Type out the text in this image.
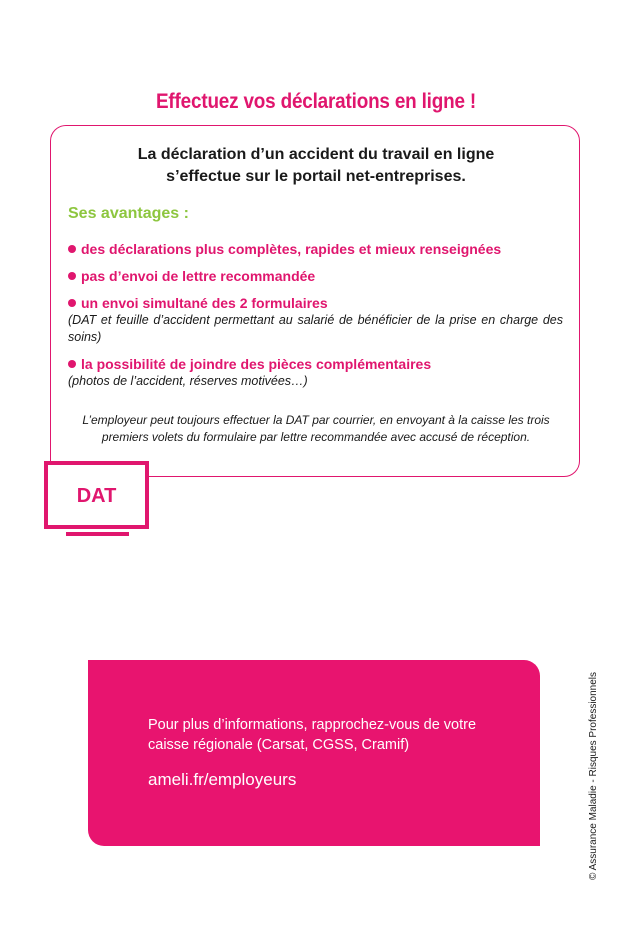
Effectuez vos déclarations en ligne !
La déclaration d’un accident du travail en ligne
s’effectue sur le portail net-entreprises.
Ses avantages :
des déclarations plus complètes, rapides et mieux renseignées
pas d’envoi de lettre recommandée
un envoi simultané des 2 formulaires
(DAT et feuille d’accident permettant au salarié de bénéficier de la prise en charge des soins)
la possibilité de joindre des pièces complémentaires
(photos de l’accident, réserves motivées…)
L’employeur peut toujours effectuer la DAT par courrier, en envoyant à la caisse les trois premiers volets du formulaire par lettre recommandée avec accusé de réception.
DAT
Pour plus d’informations, rapprochez-vous de votre caisse régionale (Carsat, CGSS, Cramif)
ameli.fr/employeurs	© Assurance Maladie - Risques Professionnels
